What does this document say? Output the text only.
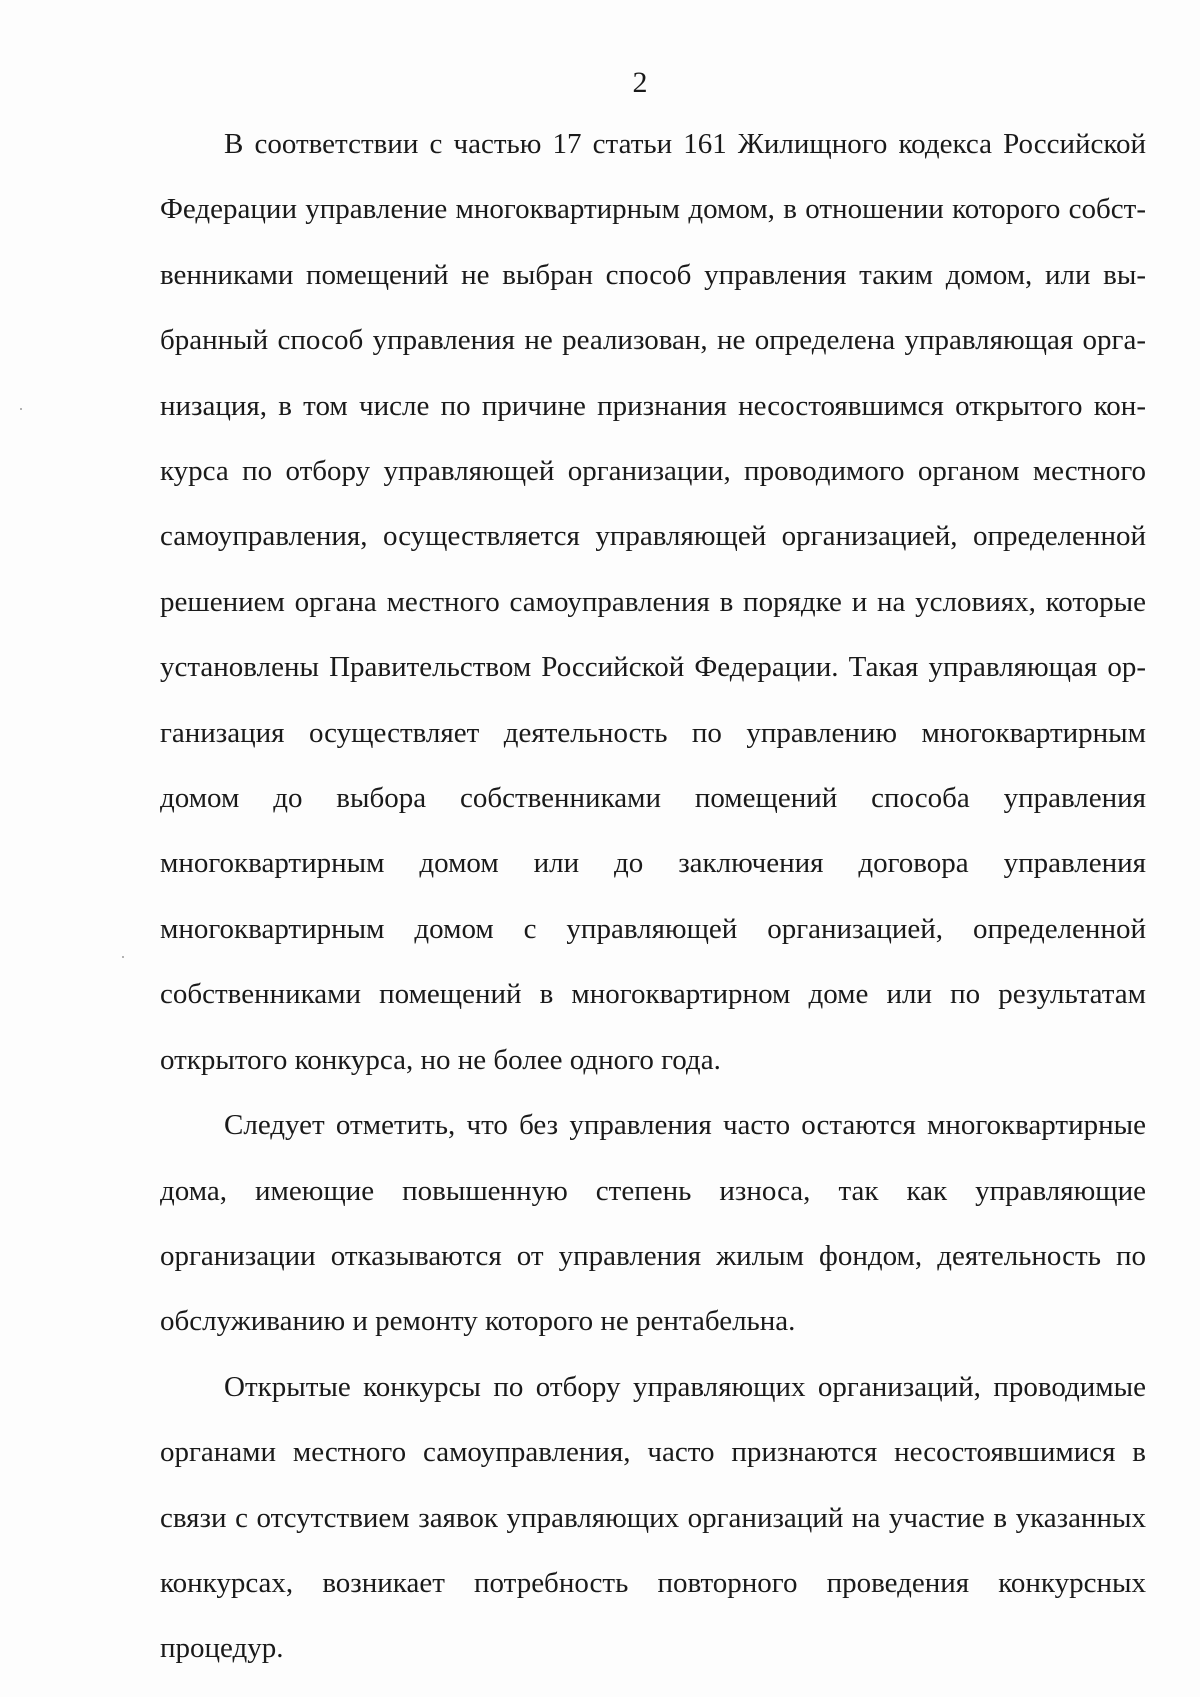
2

В соответствии с частью 17 статьи 161 Жилищного кодекса Российской Федерации управление многоквартирным домом, в отношении которого собственниками помещений не выбран способ управления таким домом, или выбранный способ управления не реализован, не определена управляющая организация, в том числе по причине признания несостоявшимся открытого конкурса по отбору управляющей организации, проводимого органом местного самоуправления, осуществляется управляющей организацией, определенной решением органа местного самоуправления в порядке и на условиях, которые установлены Правительством Российской Федерации. Такая управляющая организация осуществляет деятельность по управлению многоквартирным домом до выбора собственниками помещений способа управления многоквартирным домом или до заключения договора управления многоквартирным домом с управляющей организацией, определенной собственниками помещений в многоквартирном доме или по результатам открытого конкурса, но не более одного года.

Следует отметить, что без управления часто остаются многоквартирные дома, имеющие повышенную степень износа, так как управляющие организации отказываются от управления жилым фондом, деятельность по обслуживанию и ремонту которого не рентабельна.

Открытые конкурсы по отбору управляющих организаций, проводимые органами местного самоуправления, часто признаются несостоявшимися в связи с отсутствием заявок управляющих организаций на участие в указанных конкурсах, возникает потребность повторного проведения конкурсных процедур.
